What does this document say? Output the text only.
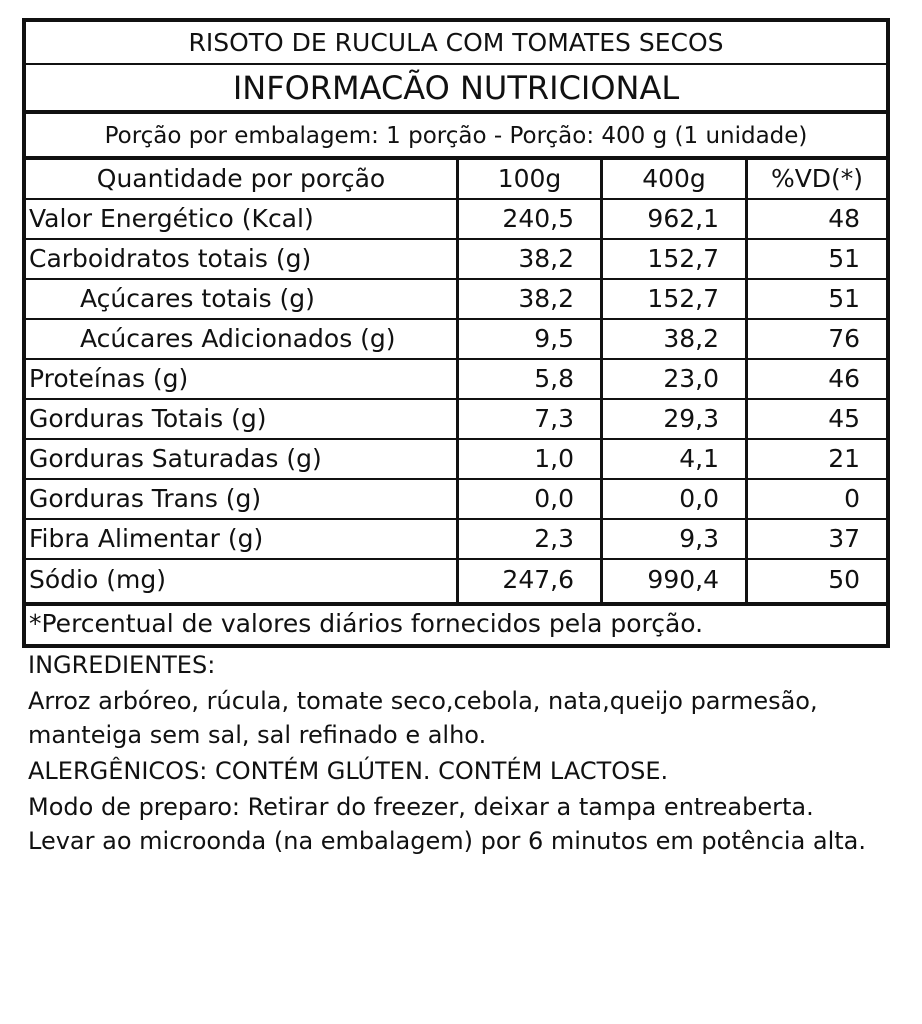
RISOTO DE RUCULA COM TOMATES SECOS
INFORMACÃO NUTRICIONAL
Porção por embalagem: 1 porção - Porção: 400 g (1 unidade)
Quantidade por porção	100g	400g	%VD(*)
Valor Energético (Kcal)	240,5	962,1	48
Carboidratos totais (g)	38,2	152,7	51
Açúcares totais (g)	38,2	152,7	51
Acúcares Adicionados (g)	9,5	38,2	76
Proteínas (g)	5,8	23,0	46
Gorduras Totais (g)	7,3	29,3	45
Gorduras Saturadas (g)	1,0	4,1	21
Gorduras Trans (g)	0,0	0,0	0
Fibra Alimentar (g)	2,3	9,3	37
Sódio (mg)	247,6	990,4	50
*Percentual de valores diários fornecidos pela porção.

INGREDIENTES:

Arroz arbóreo, rúcula, tomate seco,cebola, nata,queijo parmesão,

manteiga sem sal, sal refinado e alho.

ALERGÊNICOS: CONTÉM GLÚTEN. CONTÉM LACTOSE.

Modo de preparo: Retirar do freezer, deixar a tampa entreaberta.

Levar ao microonda (na embalagem) por 6 minutos em potência alta.
